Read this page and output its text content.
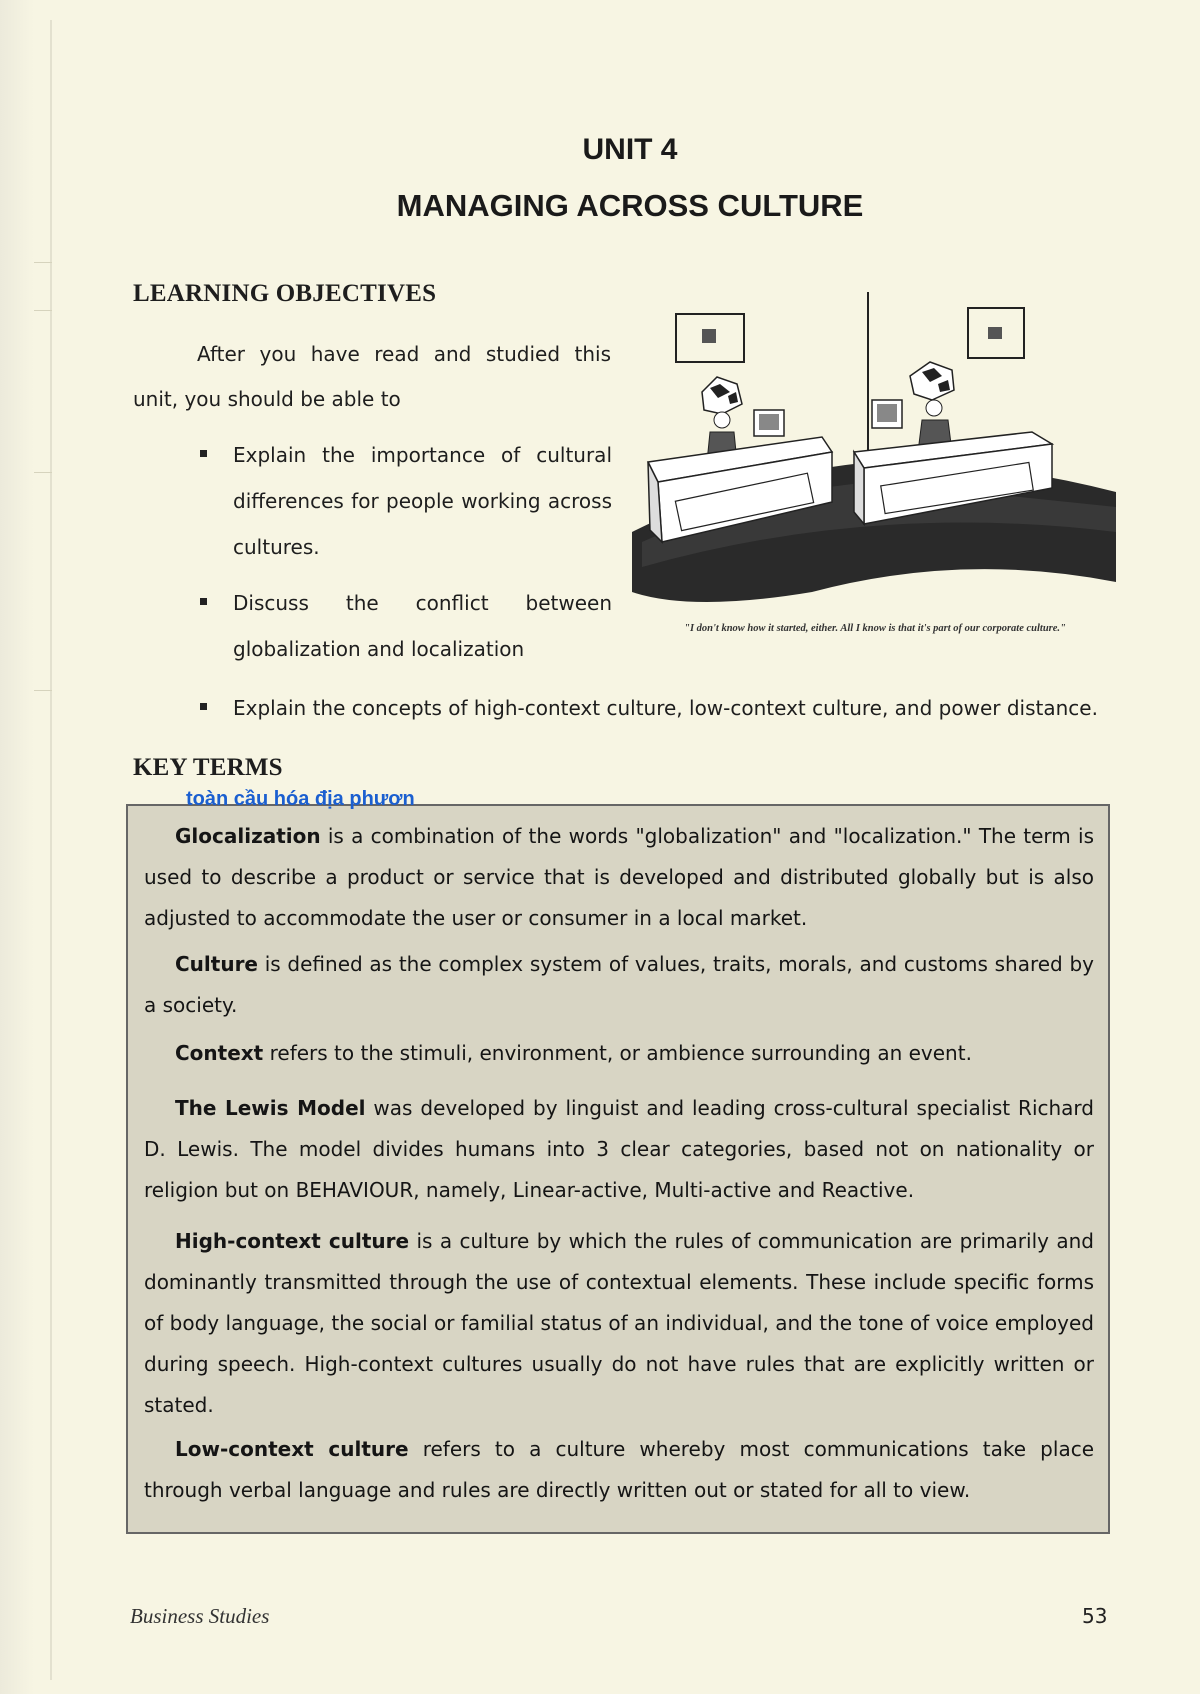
UNIT 4
MANAGING ACROSS CULTURE
LEARNING OBJECTIVES
After you have read and studied this unit, you should be able to
Explain the importance of cultural differences for people working across cultures.
Discuss the conflict between globalization and localization
Explain the concepts of high-context culture, low-context culture, and power distance.
"I don't know how it started, either. All I know is that it's part of our corporate culture."
KEY TERMS
Glocalization is a combination of the words "globalization" and "localization." The term is used to describe a product or service that is developed and distributed globally but is also adjusted to accommodate the user or consumer in a local market.
Culture is defined as the complex system of values, traits, morals, and customs shared by a society.
Context refers to the stimuli, environment, or ambience surrounding an event.
The Lewis Model was developed by linguist and leading cross-cultural specialist Richard D. Lewis. The model divides humans into 3 clear categories, based not on nationality or religion but on BEHAVIOUR, namely, Linear-active, Multi-active and Reactive.
High-context culture is a culture by which the rules of communication are primarily and dominantly transmitted through the use of contextual elements. These include specific forms of body language, the social or familial status of an individual, and the tone of voice employed during speech. High-context cultures usually do not have rules that are explicitly written or stated.
Low-context culture refers to a culture whereby most communications take place through verbal language and rules are directly written out or stated for all to view.
toàn cầu hóa địa phươn
Business Studies	53
